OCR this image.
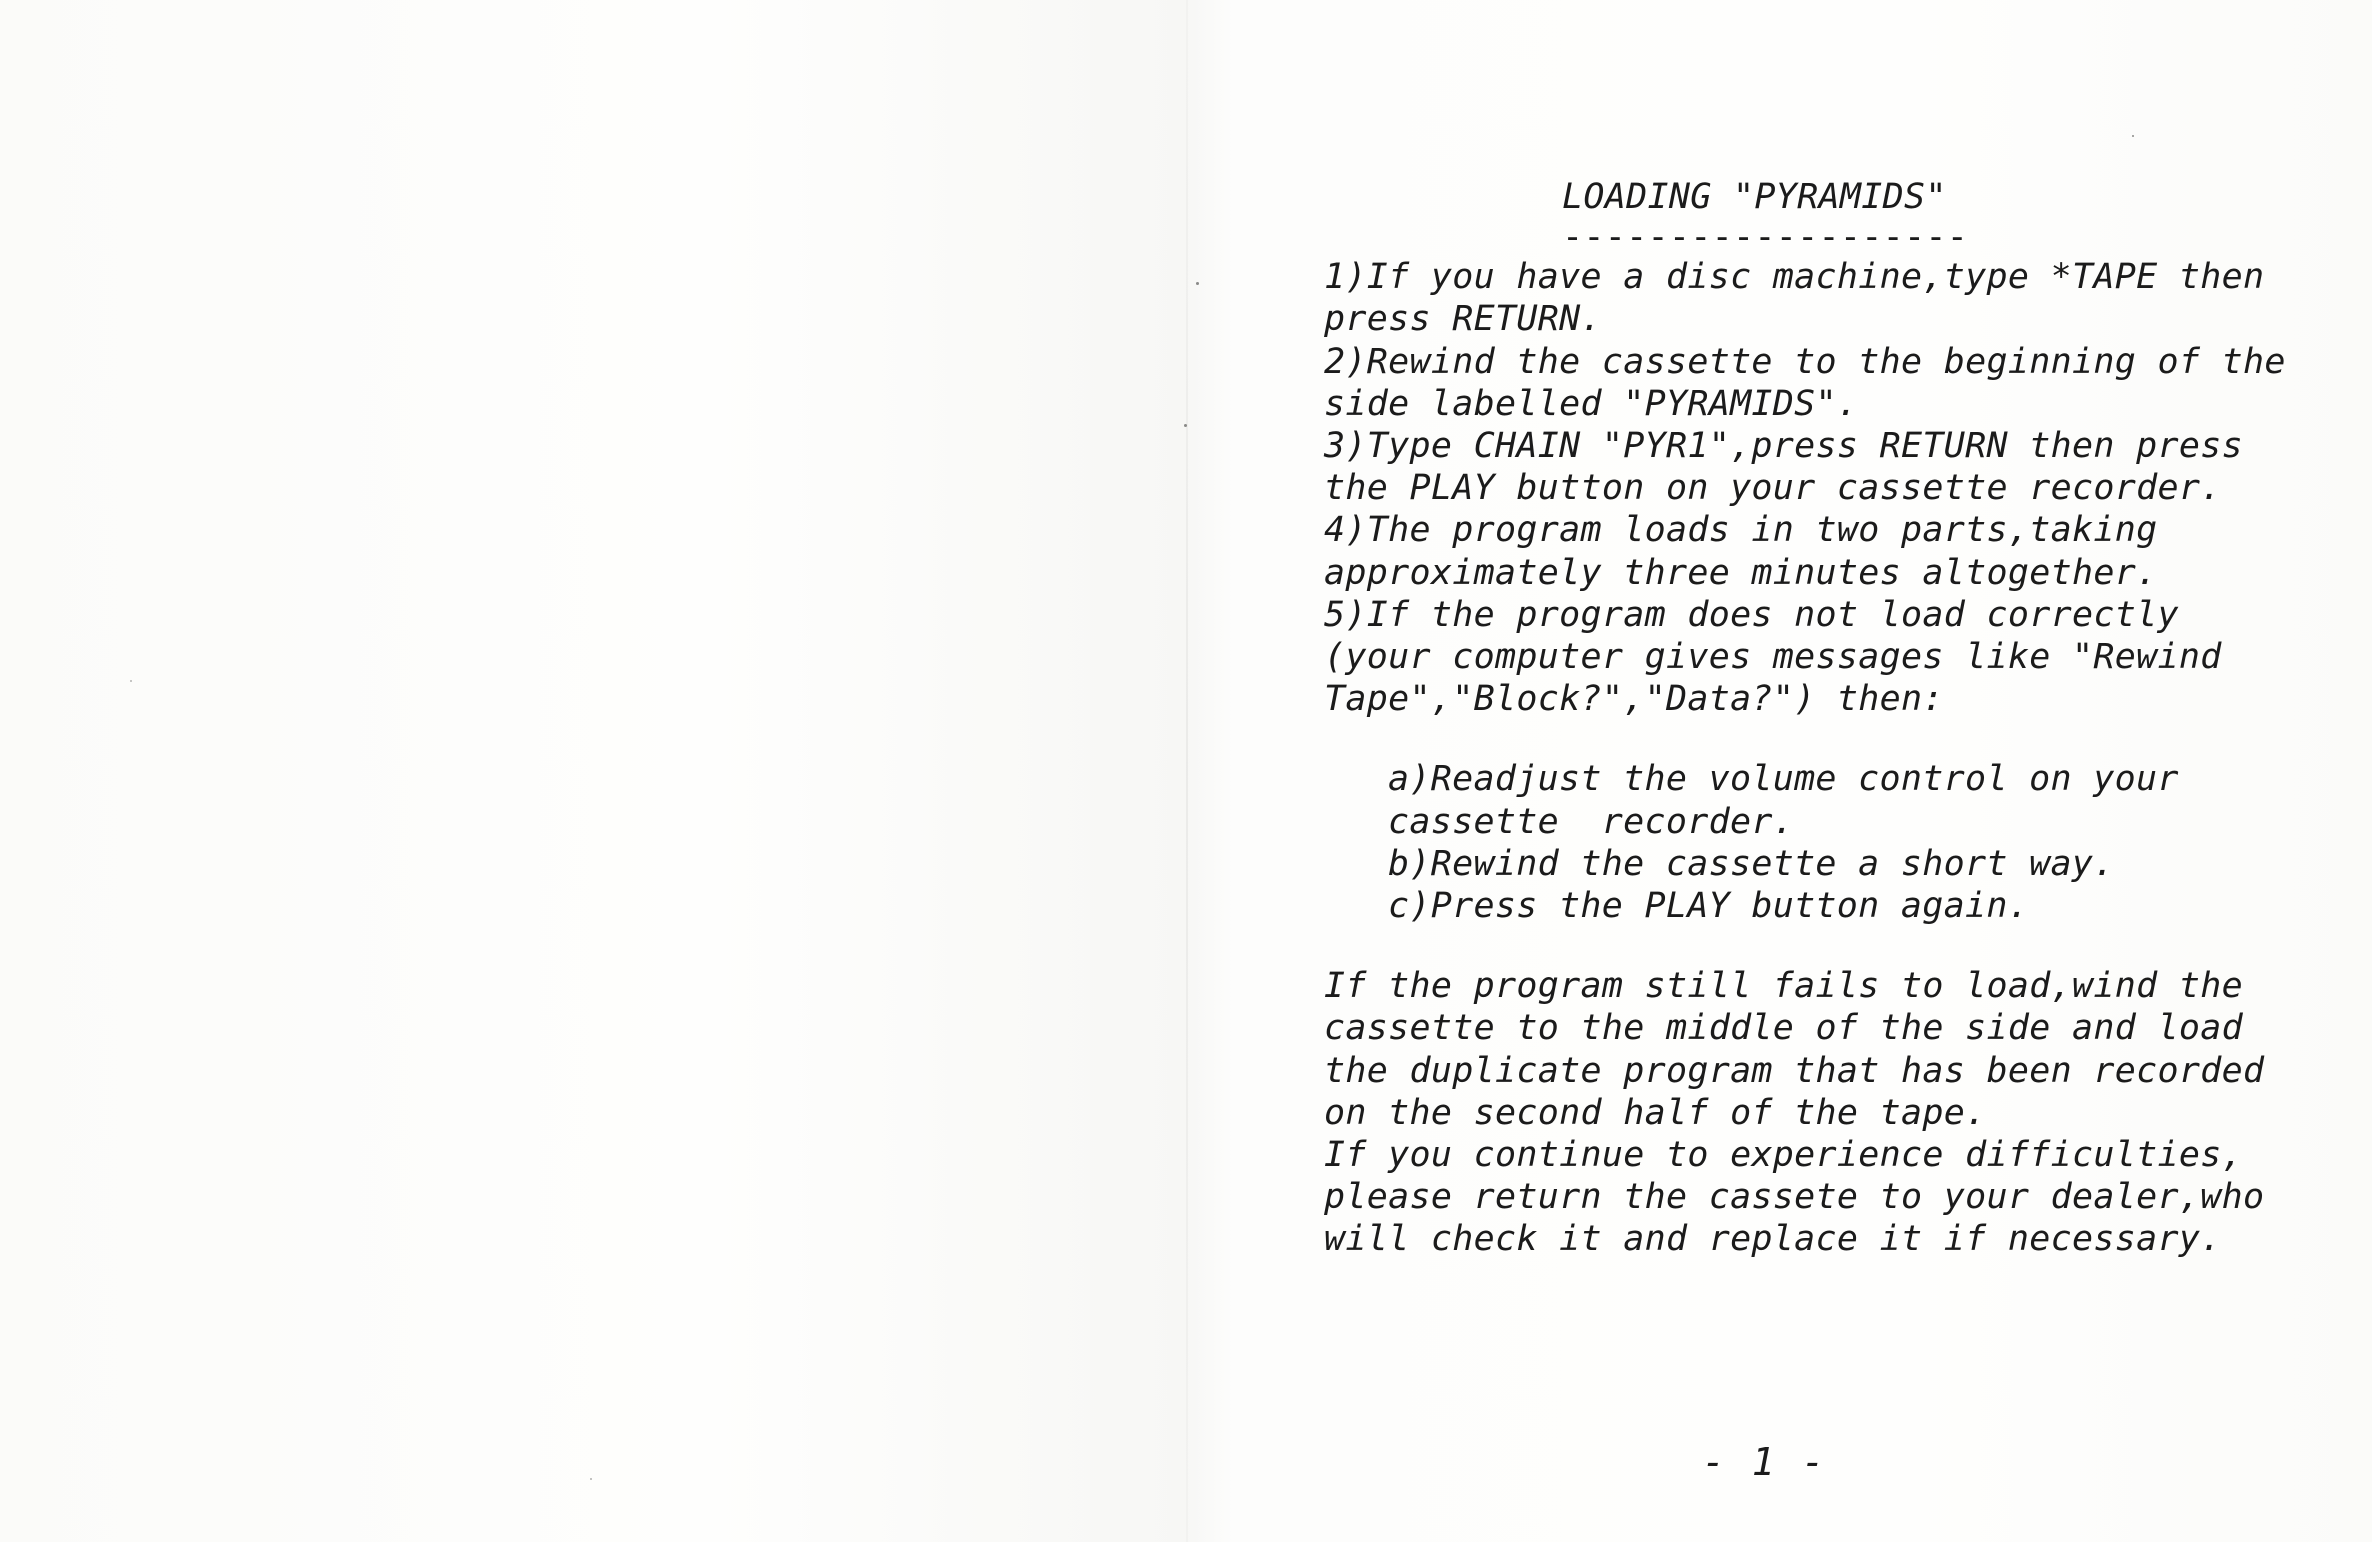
LOADING "PYRAMIDS"
-------------------
1)If you have a disc machine,type *TAPE then
press RETURN.
2)Rewind the cassette to the beginning of the
side labelled "PYRAMIDS".
3)Type CHAIN "PYR1",press RETURN then press
the PLAY button on your cassette recorder.
4)The program loads in two parts,taking
approximately three minutes altogether.
5)If the program does not load correctly
(your computer gives messages like "Rewind
Tape","Block?","Data?") then:
a)Readjust the volume control on your
cassette  recorder.
b)Rewind the cassette a short way.
c)Press the PLAY button again.
If the program still fails to load,wind the
cassette to the middle of the side and load
the duplicate program that has been recorded
on the second half of the tape.
If you continue to experience difficulties,
please return the cassete to your dealer,who
will check it and replace it if necessary.
- 1 -
